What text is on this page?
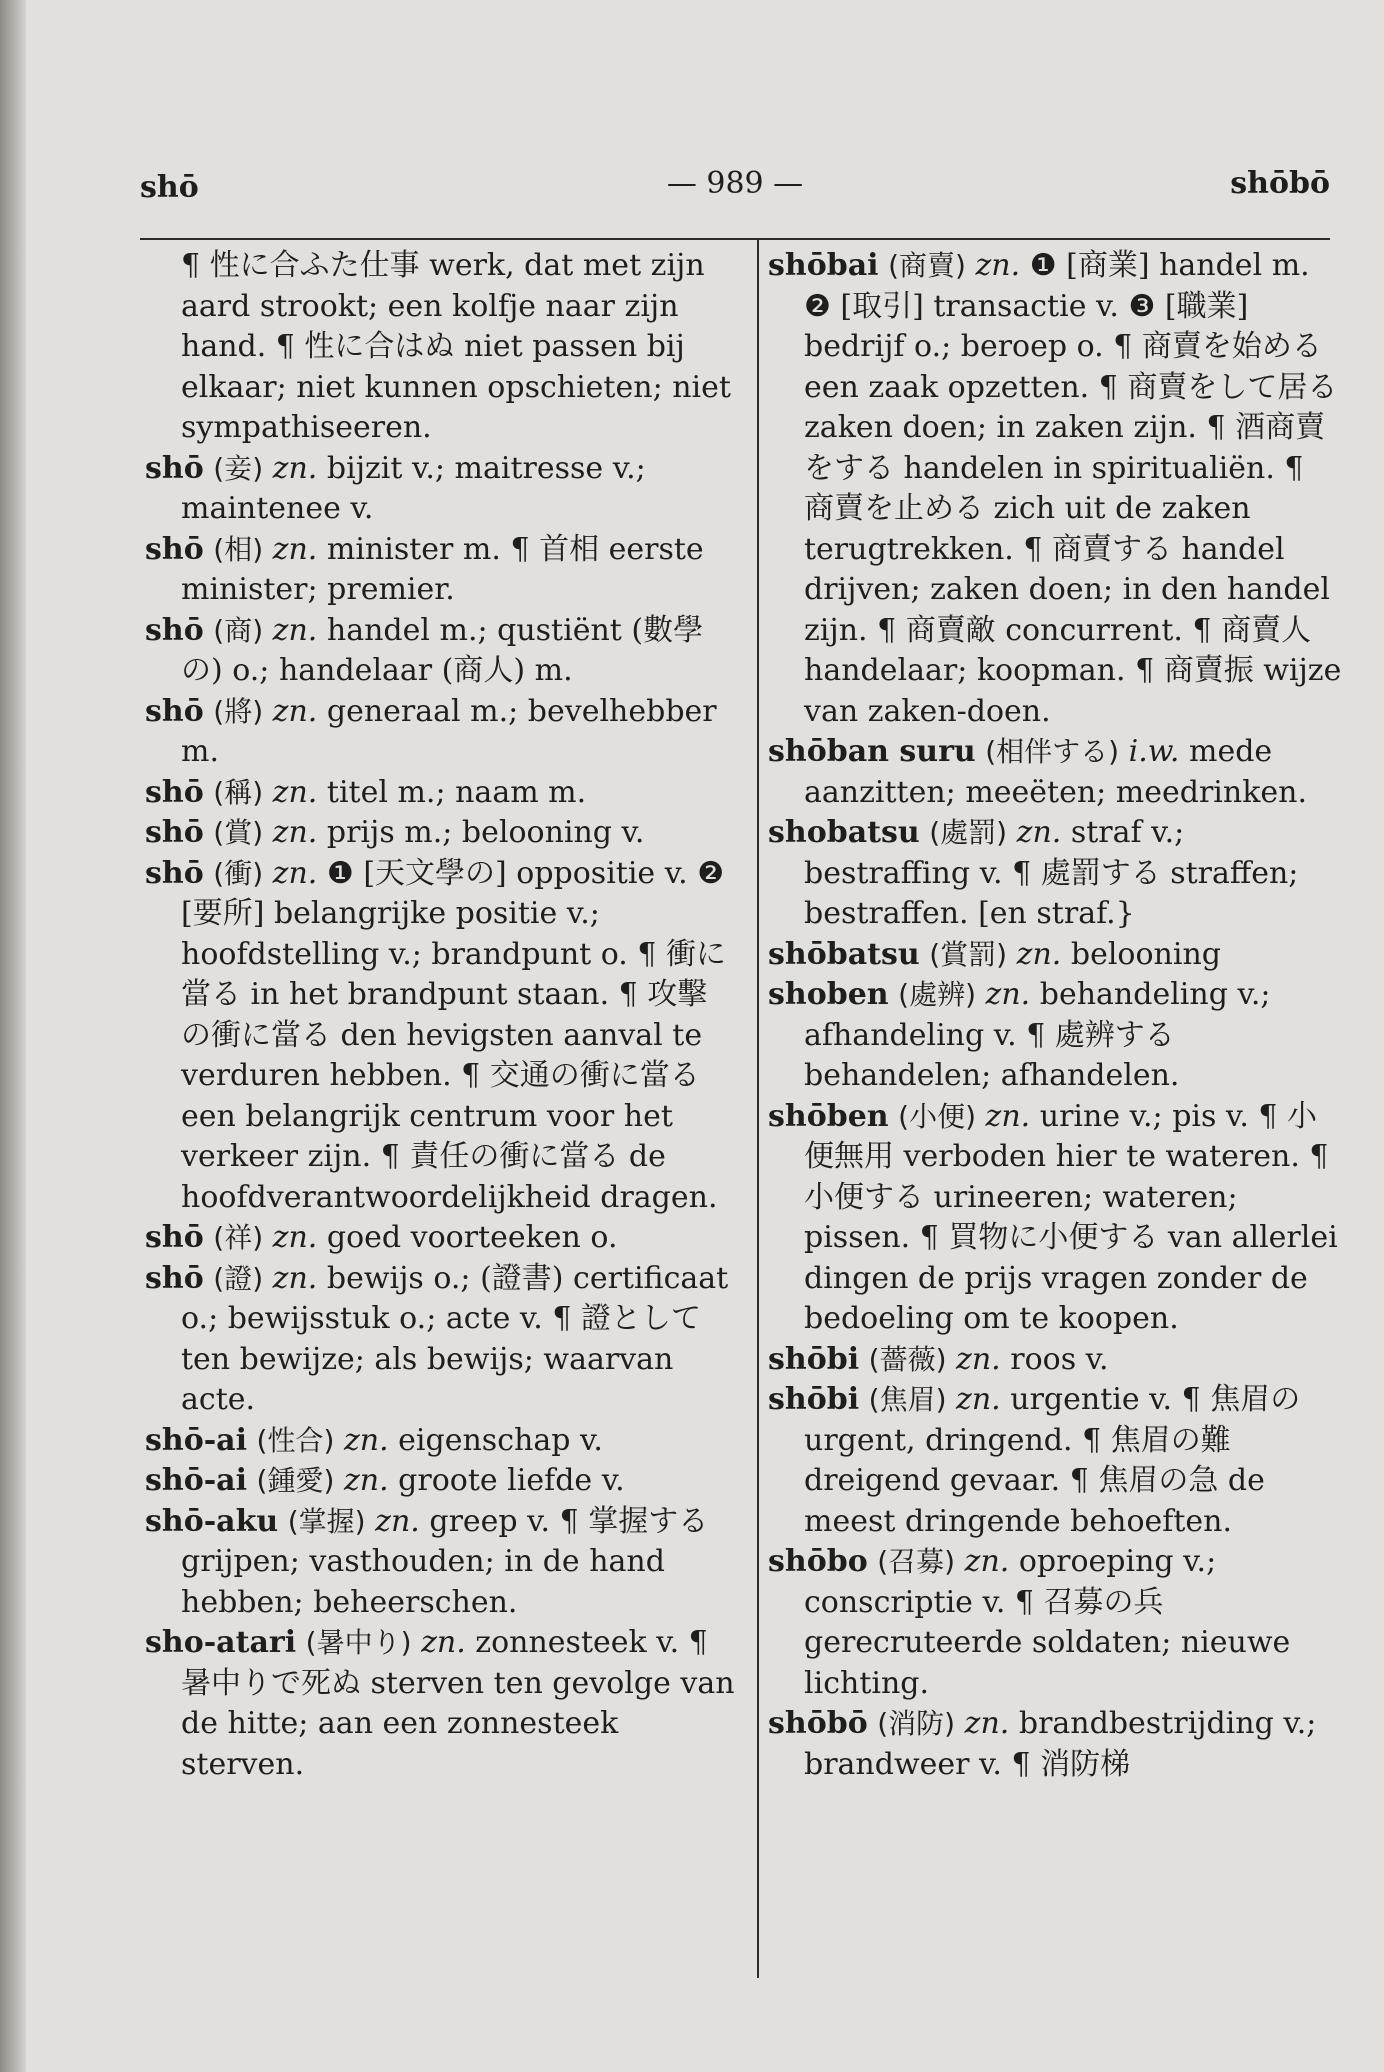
shō	— 989 —	shōbō
¶ 性に合ふた仕事 werk, dat met zijn aard strookt; een kolfje naar zijn hand. ¶ 性に合はぬ niet passen bij elkaar; niet kunnen opschieten; niet sympathiseeren.
shō (妾) zn. bijzit v.; maitresse v.; maintenee v.
shō (相) zn. minister m. ¶ 首相 eerste minister; premier.
shō (商) zn. handel m.; qustiënt (數學の) o.; handelaar (商人) m.
shō (將) zn. generaal m.; bevelhebber m.
shō (稱) zn. titel m.; naam m.
shō (賞) zn. prijs m.; belooning v.
shō (衝) zn. ❶ [天文學の] oppositie v. ❷ [要所] belangrijke positie v.; hoofdstelling v.; brandpunt o. ¶ 衝に當る in het brandpunt staan. ¶ 攻擊の衝に當る den hevigsten aanval te verduren hebben. ¶ 交通の衝に當る een belangrijk centrum voor het verkeer zijn. ¶ 責任の衝に當る de hoofdverantwoordelijkheid dragen.
shō (祥) zn. goed voorteeken o.
shō (證) zn. bewijs o.; (證書) certificaat o.; bewijsstuk o.; acte v. ¶ 證として ten bewijze; als bewijs; waarvan acte.
shō-ai (性合) zn. eigenschap v.
shō-ai (鍾愛) zn. groote liefde v.
shō-aku (掌握) zn. greep v. ¶ 掌握する grijpen; vasthouden; in de hand hebben; beheerschen.
sho-atari (暑中り) zn. zonnesteek v. ¶ 暑中りで死ぬ sterven ten gevolge van de hitte; aan een zonnesteek sterven.
shōbai (商賣) zn. ❶ [商業] handel m. ❷ [取引] transactie v. ❸ [職業] bedrijf o.; beroep o. ¶ 商賣を始める een zaak opzetten. ¶ 商賣をして居る zaken doen; in zaken zijn. ¶ 酒商賣をする handelen in spiritualiën. ¶ 商賣を止める zich uit de zaken terugtrekken. ¶ 商賣する handel drijven; zaken doen; in den handel zijn. ¶ 商賣敵 concurrent. ¶ 商賣人 handelaar; koopman. ¶ 商賣振 wijze van zaken-doen.
shōban suru (相伴する) i.w. mede aanzitten; meeëten; meedrinken.
shobatsu (處罰) zn. straf v.; bestraffing v. ¶ 處罰する straffen; bestraffen. [en straf.}
shōbatsu (賞罰) zn. belooning
shoben (處辨) zn. behandeling v.; afhandeling v. ¶ 處辨する behandelen; afhandelen.
shōben (小便) zn. urine v.; pis v. ¶ 小便無用 verboden hier te wateren. ¶ 小便する urineeren; wateren; pissen. ¶ 買物に小便する van allerlei dingen de prijs vragen zonder de bedoeling om te koopen.
shōbi (薔薇) zn. roos v.
shōbi (焦眉) zn. urgentie v. ¶ 焦眉の urgent, dringend. ¶ 焦眉の難 dreigend gevaar. ¶ 焦眉の急 de meest dringende behoeften.
shōbo (召募) zn. oproeping v.; conscriptie v. ¶ 召募の兵 gerecruteerde soldaten; nieuwe lichting.
shōbō (消防) zn. brandbestrijding v.; brandweer v. ¶ 消防梯
